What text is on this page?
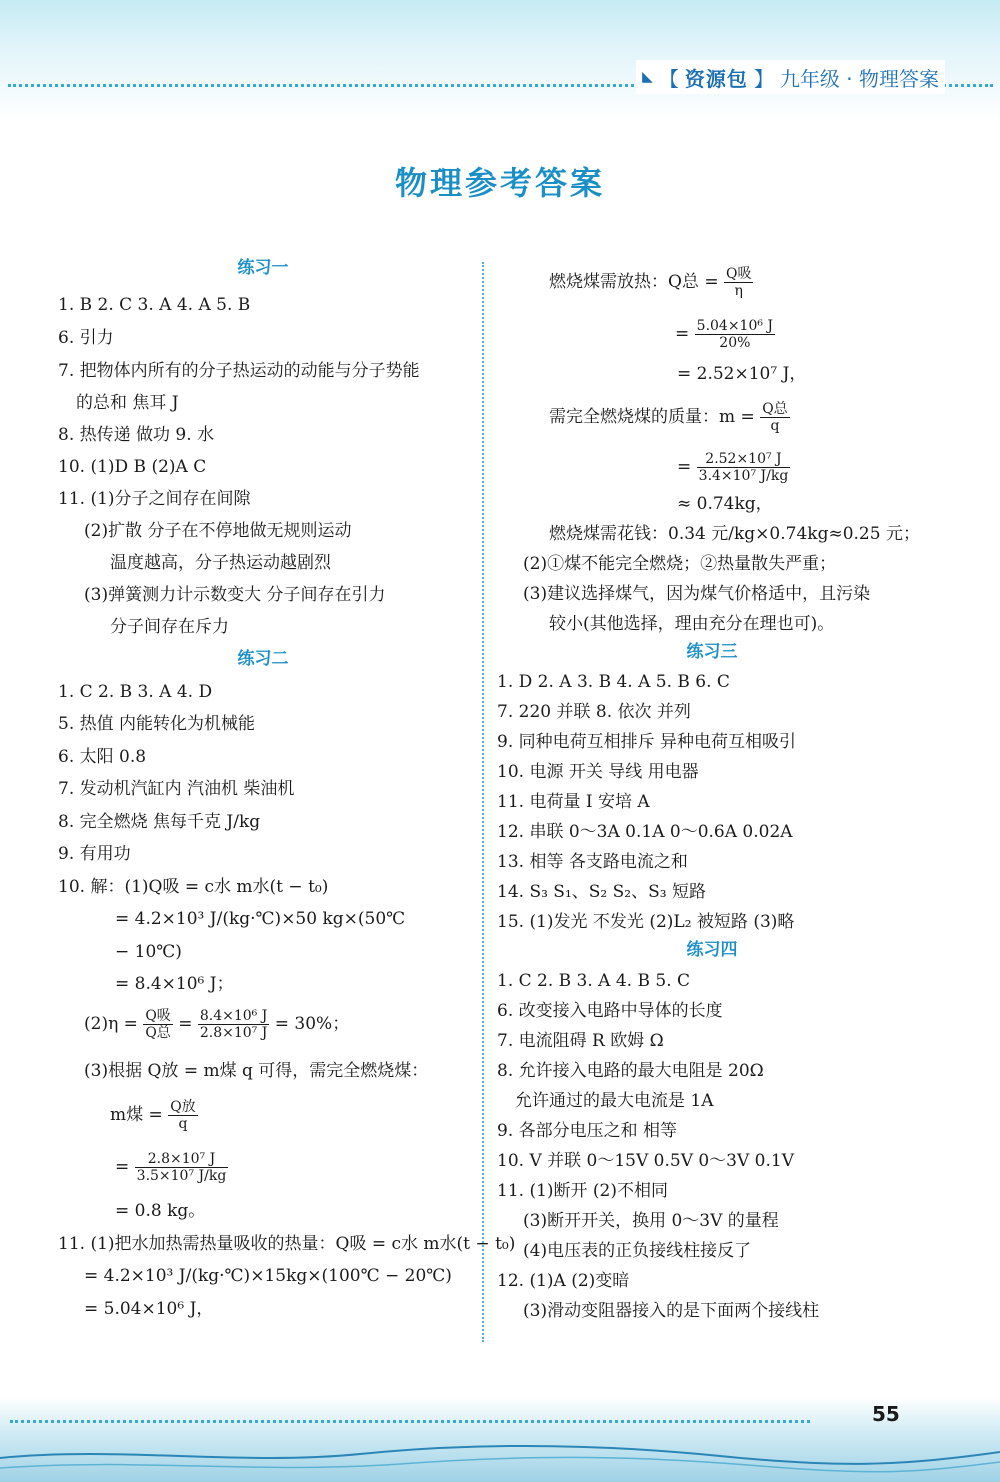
◣ 【 资源包 】 九年级 · 物理答案
物理参考答案
练习一
1. B 2. C 3. A 4. A 5. B
6. 引力
7. 把物体内所有的分子热运动的动能与分子势能
的总和 焦耳 J
8. 热传递 做功 9. 水
10. (1)D B (2)A C
11. (1)分子之间存在间隙
(2)扩散 分子在不停地做无规则运动
温度越高，分子热运动越剧烈
(3)弹簧测力计示数变大 分子间存在引力
分子间存在斥力
练习二
1. C 2. B 3. A 4. D
5. 热值 内能转化为机械能
6. 太阳 0.8
7. 发动机汽缸内 汽油机 柴油机
8. 完全燃烧 焦每千克 J/kg
9. 有用功
10. 解：(1)Q吸 = c水 m水(t − t₀)
= 4.2×10³ J/(kg·℃)×50 kg×(50℃
− 10℃)
= 8.4×10⁶ J；
$(2)\eta = \frac{\text{Q吸}}{\text{Q总}} = \frac{\text{8.4×10⁶ J}}{\text{2.8×10⁷ J}} = 30\%$；
(3)根据 Q放 = m煤 q 可得，需完全燃烧煤：
m煤 = $\frac{\text{Q放}}{q}$
= $\frac{\text{2.8×10⁷ J}}{\text{3.5×10⁷ J/kg}}$
= 0.8 kg。
11. (1)把水加热需热量吸收的热量：Q吸 = c水 m水(t − t₀)
= 4.2×10³ J/(kg·℃)×15kg×(100℃ − 20℃)
= 5.04×10⁶ J，
燃烧煤需放热：Q总 = $\frac{\text{Q吸}}{\eta}$
= $\frac{\text{5.04×10⁶ J}}{20\%}$
= 2.52×10⁷ J，
需完全燃烧煤的质量：$m = \frac{\text{Q总}}{q}$
= $\frac{\text{2.52×10⁷ J}}{\text{3.4×10⁷ J/kg}}$
≈ 0.74kg，
燃烧煤需花钱：0.34 元/kg×0.74kg≈0.25 元；
(2)①煤不能完全燃烧；②热量散失严重；
(3)建议选择煤气，因为煤气价格适中，且污染
较小(其他选择，理由充分在理也可)。
练习三
1. D 2. A 3. B 4. A 5. B 6. C
7. 220 并联 8. 依次 并列
9. 同种电荷互相排斥 异种电荷互相吸引
10. 电源 开关 导线 用电器
11. 电荷量 I 安培 A
12. 串联 0～3A 0.1A 0～0.6A 0.02A
13. 相等 各支路电流之和
14. S₃ S₁、S₂ S₂、S₃ 短路
15. (1)发光 不发光 (2)L₂ 被短路 (3)略
练习四
1. C 2. B 3. A 4. B 5. C
6. 改变接入电路中导体的长度
7. 电流阻碍 R 欧姆 Ω
8. 允许接入电路的最大电阻是 20Ω
允许通过的最大电流是 1A
9. 各部分电压之和 相等
10. V 并联 0～15V 0.5V 0～3V 0.1V
11. (1)断开 (2)不相同
(3)断开开关，换用 0～3V 的量程
(4)电压表的正负接线柱接反了
12. (1)A (2)变暗
(3)滑动变阻器接入的是下面两个接线柱
55
